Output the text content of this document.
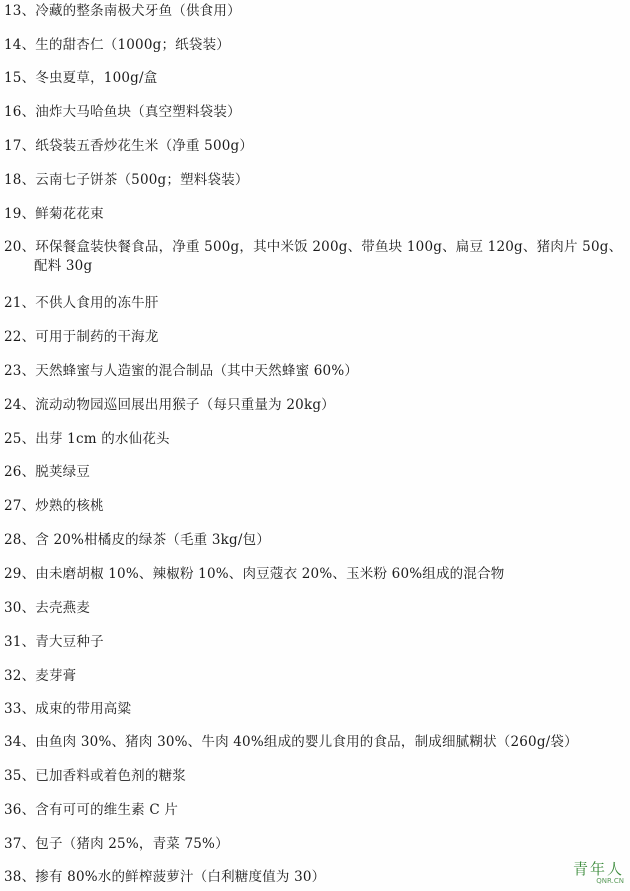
13、冷藏的整条南极犬牙鱼（供食用）
14、生的甜杏仁（1000g；纸袋装）
15、冬虫夏草，100g/盒
16、油炸大马哈鱼块（真空塑料袋装）
17、纸袋装五香炒花生米（净重 500g）
18、云南七子饼茶（500g；塑料袋装）
19、鲜菊花花束
20、环保餐盒装快餐食品，净重 500g，其中米饭 200g、带鱼块 100g、扁豆 120g、猪肉片 50g、
配料 30g
21、不供人食用的冻牛肝
22、可用于制药的干海龙
23、天然蜂蜜与人造蜜的混合制品（其中天然蜂蜜 60%）
24、流动动物园巡回展出用猴子（每只重量为 20kg）
25、出芽 1cm 的水仙花头
26、脱荚绿豆
27、炒熟的核桃
28、含 20%柑橘皮的绿茶（毛重 3kg/包）
29、由未磨胡椒 10%、辣椒粉 10%、肉豆蔻衣 20%、玉米粉 60%组成的混合物
30、去壳燕麦
31、青大豆种子
32、麦芽膏
33、成束的带用高粱
34、由鱼肉 30%、猪肉 30%、牛肉 40%组成的婴儿食用的食品，制成细腻糊状（260g/袋）
35、已加香料或着色剂的糖浆
36、含有可可的维生素 C 片
37、包子（猪肉 25%，青菜 75%）
38、掺有 80%水的鲜榨菠萝汁（白利糖度值为 30）	青年人
QNR.CN
